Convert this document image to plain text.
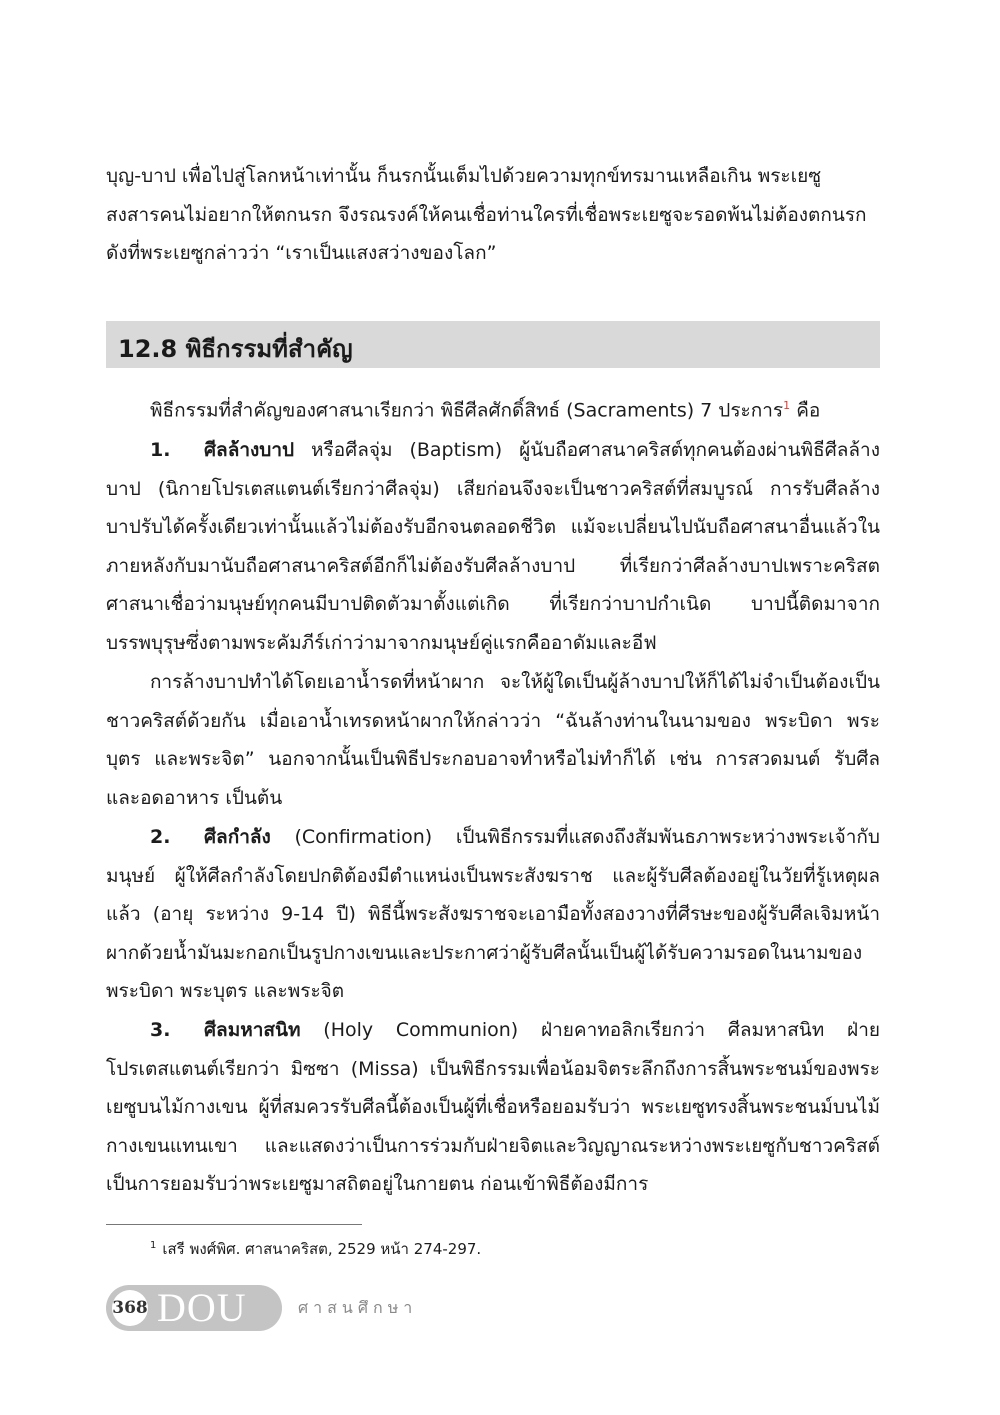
บุญ-บาป เพื่อไปสู่โลกหน้าเท่านั้น ก็นรกนั้นเต็มไปด้วยความทุกข์ทรมานเหลือเกิน พระเยซู
สงสารคนไม่อยากให้ตกนรก จึงรณรงค์ให้คนเชื่อท่านใครที่เชื่อพระเยซูจะรอดพ้นไม่ต้องตกนรก
ดังที่พระเยซูกล่าวว่า “เราเป็นแสงสว่างของโลก”

12.8 พิธีกรรมที่สำคัญ

พิธีกรรมที่สำคัญของศาสนาเรียกว่า พิธีศีลศักดิ์สิทธ์ (Sacraments) 7 ประการ$^1$ คือ

1. ศีลล้างบาป หรือศีลจุ่ม (Baptism) ผู้นับถือศาสนาคริสต์ทุกคนต้องผ่านพิธีศีลล้างบาป (นิกายโปรเตสแตนต์เรียกว่าศีลจุ่ม) เสียก่อนจึงจะเป็นชาวคริสต์ที่สมบูรณ์ การรับศีลล้างบาปรับได้ครั้งเดียวเท่านั้นแล้วไม่ต้องรับอีกจนตลอดชีวิต แม้จะเปลี่ยนไปนับถือศาสนาอื่นแล้วในภายหลังกับมานับถือศาสนาคริสต์อีกก็ไม่ต้องรับศีลล้างบาป ที่เรียกว่าศีลล้างบาปเพราะคริสตศาสนาเชื่อว่ามนุษย์ทุกคนมีบาปติดตัวมาตั้งแต่เกิด ที่เรียกว่าบาปกำเนิด บาปนี้ติดมาจากบรรพบุรุษซึ่งตามพระคัมภีร์เก่าว่ามาจากมนุษย์คู่แรกคืออาดัมและอีฟ

การล้างบาปทำได้โดยเอาน้ำรดที่หน้าผาก จะให้ผู้ใดเป็นผู้ล้างบาปให้ก็ได้ไม่จำเป็นต้องเป็นชาวคริสต์ด้วยกัน เมื่อเอาน้ำเทรดหน้าผากให้กล่าวว่า “ฉันล้างท่านในนามของ พระบิดา พระบุตร และพระจิต” นอกจากนั้นเป็นพิธีประกอบอาจทำหรือไม่ทำก็ได้ เช่น การสวดมนต์ รับศีล และอดอาหาร เป็นต้น

2. ศีลกำลัง (Confirmation) เป็นพิธีกรรมที่แสดงถึงสัมพันธภาพระหว่างพระเจ้ากับมนุษย์ ผู้ให้ศีลกำลังโดยปกติต้องมีตำแหน่งเป็นพระสังฆราช และผู้รับศีลต้องอยู่ในวัยที่รู้เหตุผลแล้ว (อายุ ระหว่าง 9-14 ปี) พิธีนี้พระสังฆราชจะเอามือทั้งสองวางที่ศีรษะของผู้รับศีลเจิมหน้าผากด้วยน้ำมันมะกอกเป็นรูปกางเขนและประกาศว่าผู้รับศีลนั้นเป็นผู้ได้รับความรอดในนามของพระบิดา พระบุตร และพระจิต

3. ศีลมหาสนิท (Holy Communion) ฝ่ายคาทอลิกเรียกว่า ศีลมหาสนิท ฝ่ายโปรเตสแตนต์เรียกว่า มิซซา (Missa) เป็นพิธีกรรมเพื่อน้อมจิตระลึกถึงการสิ้นพระชนม์ของพระเยซูบนไม้กางเขน ผู้ที่สมควรรับศีลนี้ต้องเป็นผู้ที่เชื่อหรือยอมรับว่า พระเยซูทรงสิ้นพระชนม์บนไม้กางเขนแทนเขา และแสดงว่าเป็นการร่วมกับฝ่ายจิตและวิญญาณระหว่างพระเยซูกับชาวคริสต์ เป็นการยอมรับว่าพระเยซูมาสถิตอยู่ในกายตน ก่อนเข้าพิธีต้องมีการ

$^1$ เสรี พงศ์พิศ. ศาสนาคริสต, 2529 หน้า 274-297.
368 DOU	ศาสนศึกษา
